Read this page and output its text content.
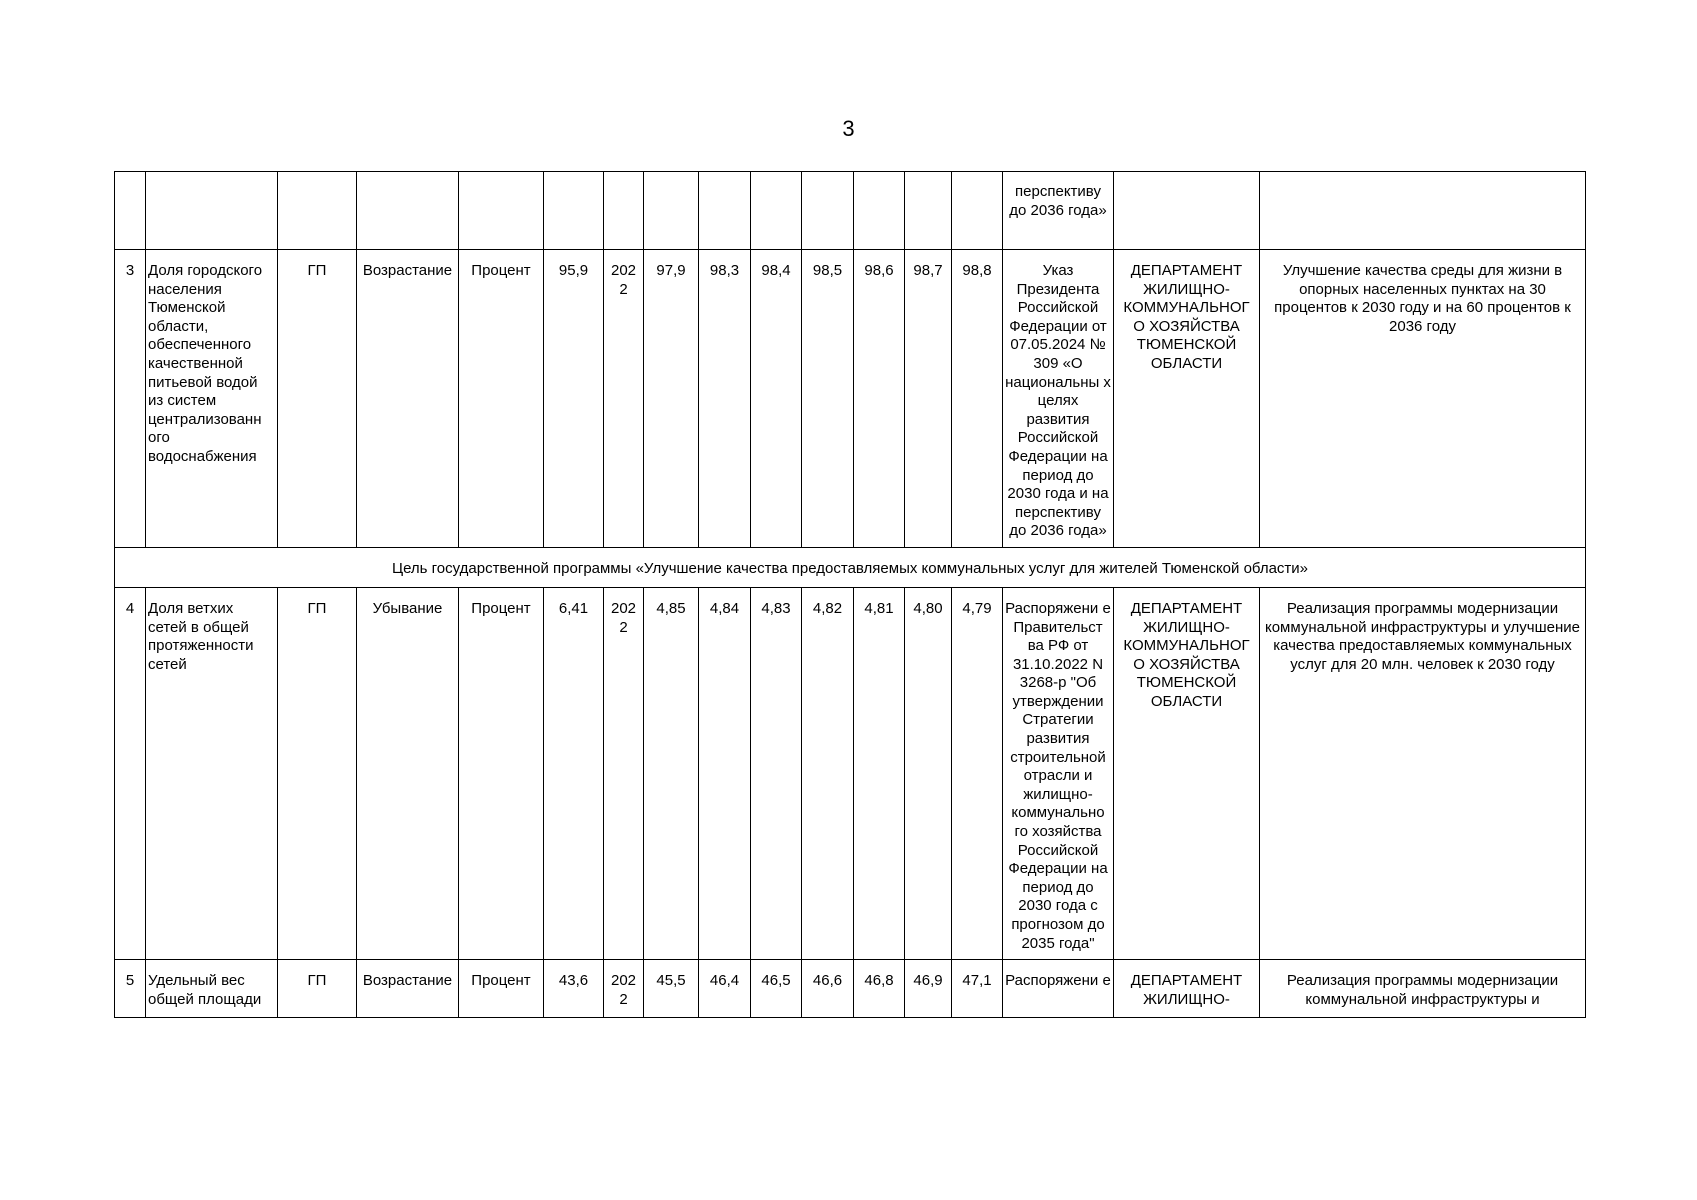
3
														перспективу до 2036 года»		
3	Доля городского населения Тюменской области, обеспеченного качественной питьевой водой из систем централизованн ого водоснабжения	ГП	Возрастание	Процент	95,9	202 2	97,9	98,3	98,4	98,5	98,6	98,7	98,8	Указ Президента Российской Федерации от 07.05.2024 № 309 «О национальны х целях развития Российской Федерации на период до 2030 года и на перспективу до 2036 года»	ДЕПАРТАМЕНТ ЖИЛИЩНО-КОММУНАЛЬНОГ О ХОЗЯЙСТВА ТЮМЕНСКОЙ ОБЛАСТИ	Улучшение качества среды для жизни в опорных населенных пунктах на 30 процентов к 2030 году и на 60 процентов к 2036 году
Цель государственной программы «Улучшение качества предоставляемых коммунальных услуг для жителей Тюменской области»																
4	Доля ветхих сетей в общей протяженности сетей	ГП	Убывание	Процент	6,41	202 2	4,85	4,84	4,83	4,82	4,81	4,80	4,79	Распоряжени е Правительст ва РФ от 31.10.2022 N 3268-р "Об утверждении Стратегии развития строительной отрасли и жилищно-коммунально го хозяйства Российской Федерации на период до 2030 года с прогнозом до 2035 года"	ДЕПАРТАМЕНТ ЖИЛИЩНО-КОММУНАЛЬНОГ О ХОЗЯЙСТВА ТЮМЕНСКОЙ ОБЛАСТИ	Реализация программы модернизации коммунальной инфраструктуры и улучшение качества предоставляемых коммунальных услуг для 20 млн. человек к 2030 году
5	Удельный вес общей площади	ГП	Возрастание	Процент	43,6	202 2	45,5	46,4	46,5	46,6	46,8	46,9	47,1	Распоряжени е	ДЕПАРТАМЕНТ ЖИЛИЩНО-	Реализация программы модернизации коммунальной инфраструктуры и
